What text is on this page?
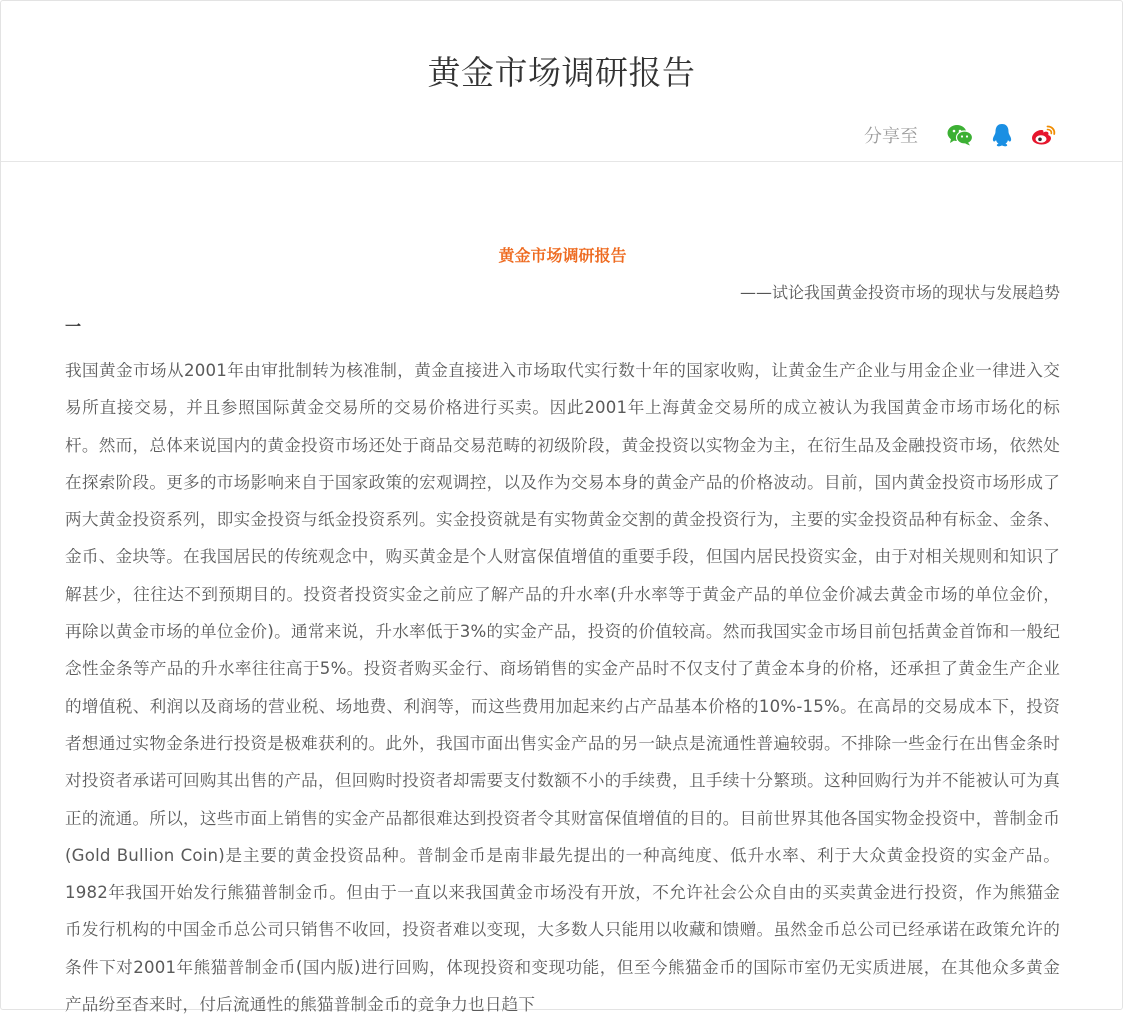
黄金市场调研报告
分享至

黄金市场调研报告

——试论我国黄金投资市场的现状与发展趋势
一

我国黄金市场从2001年由审批制转为核准制，黄金直接进入市场取代实行数十年的国家收购，让黄金生产企业与用金企业一律进入交易所直接交易，并且参照国际黄金交易所的交易价格进行买卖。因此2001年上海黄金交易所的成立被认为我国黄金市场市场化的标杆。然而，总体来说国内的黄金投资市场还处于商品交易范畴的初级阶段，黄金投资以实物金为主，在衍生品及金融投资市场，依然处在探索阶段。更多的市场影响来自于国家政策的宏观调控，以及作为交易本身的黄金产品的价格波动。目前，国内黄金投资市场形成了两大黄金投资系列，即实金投资与纸金投资系列。实金投资就是有实物黄金交割的黄金投资行为，主要的实金投资品种有标金、金条、金币、金块等。在我国居民的传统观念中，购买黄金是个人财富保值增值的重要手段，但国内居民投资实金，由于对相关规则和知识了解甚少，往往达不到预期目的。投资者投资实金之前应了解产品的升水率(升水率等于黄金产品的单位金价减去黄金市场的单位金价，再除以黄金市场的单位金价)。通常来说，升水率低于3%的实金产品，投资的价值较高。然而我国实金市场目前包括黄金首饰和一般纪念性金条等产品的升水率往往高于5%。投资者购买金行、商场销售的实金产品时不仅支付了黄金本身的价格，还承担了黄金生产企业的增值税、利润以及商场的营业税、场地费、利润等，而这些费用加起来约占产品基本价格的10%-15%。在高昂的交易成本下，投资者想通过实物金条进行投资是极难获利的。此外，我国市面出售实金产品的另一缺点是流通性普遍较弱。不排除一些金行在出售金条时对投资者承诺可回购其出售的产品，但回购时投资者却需要支付数额不小的手续费，且手续十分繁琐。这种回购行为并不能被认可为真正的流通。所以，这些市面上销售的实金产品都很难达到投资者令其财富保值增值的目的。目前世界其他各国实物金投资中，普制金币(Gold Bullion Coin)是主要的黄金投资品种。普制金币是南非最先提出的一种高纯度、低升水率、利于大众黄金投资的实金产品。1982年我国开始发行熊猫普制金币。但由于一直以来我国黄金市场没有开放，不允许社会公众自由的买卖黄金进行投资，作为熊猫金币发行机构的中国金币总公司只销售不收回，投资者难以变现，大多数人只能用以收藏和馈赠。虽然金币总公司已经承诺在政策允许的条件下对2001年熊猫普制金币(国内版)进行回购，体现投资和变现功能，但至今熊猫金币的国际市室仍无实质进展，在其他众多黄金产品纷至杳来时，付后流通性的熊猫普制金币的竞争力也日趋下
